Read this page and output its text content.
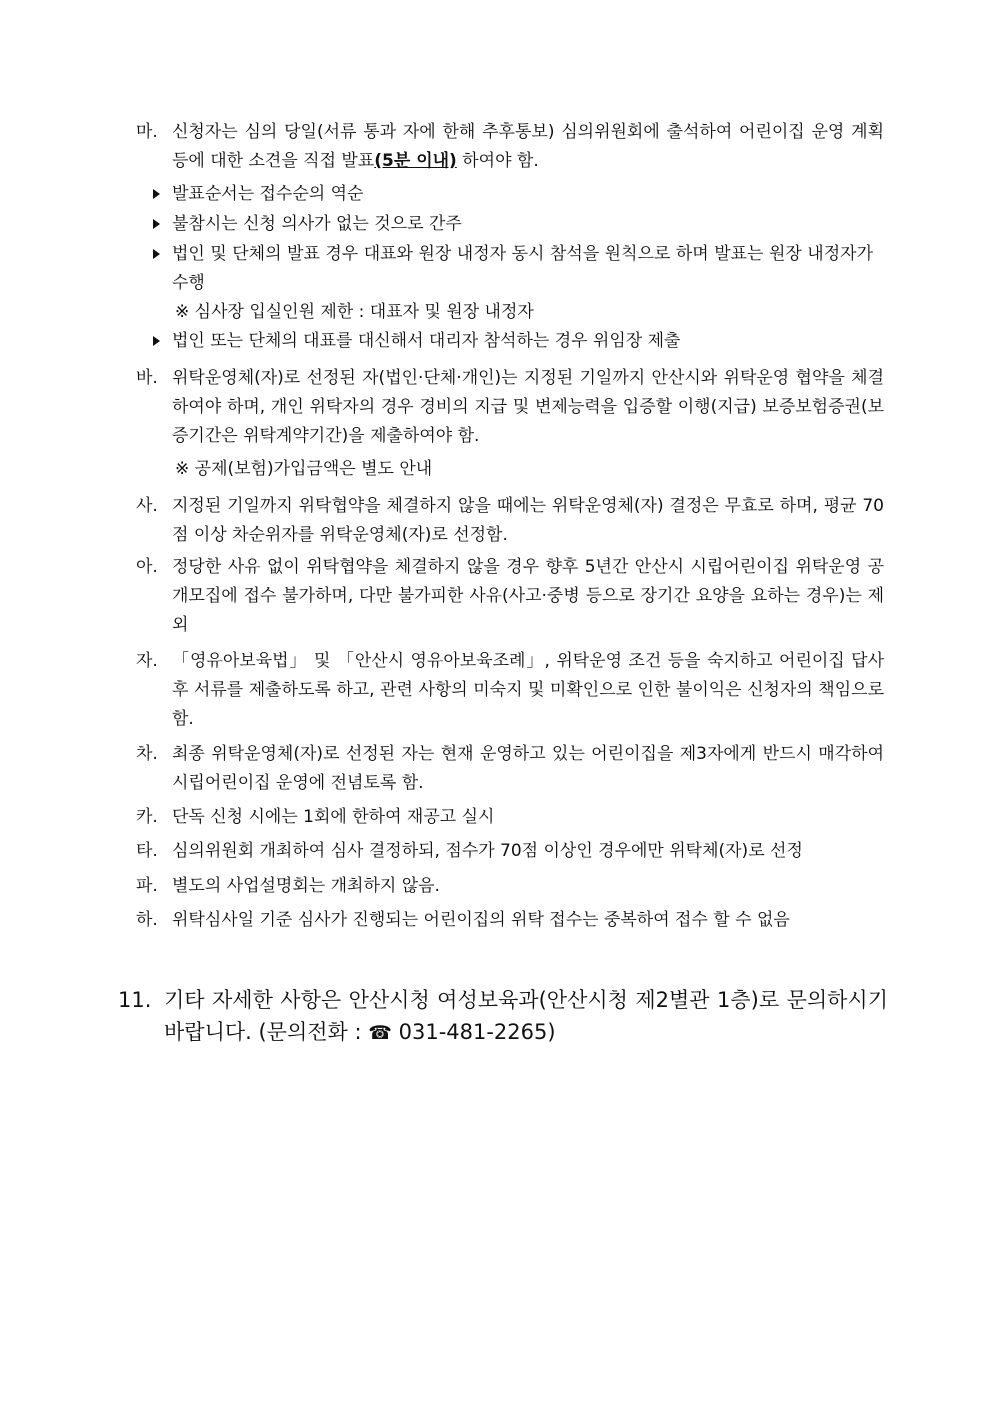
마. 신청자는 심의 당일(서류 통과 자에 한해 추후통보) 심의위원회에 출석하여 어린이집 운영 계획 등에 대한 소견을 직접 발표(5분 이내) 하여야 함.
발표순서는 접수순의 역순
불참시는 신청 의사가 없는 것으로 간주
법인 및 단체의 발표 경우 대표와 원장 내정자 동시 참석을 원칙으로 하며 발표는 원장 내정자가 수행
※ 심사장 입실인원 제한 : 대표자 및 원장 내정자
법인 또는 단체의 대표를 대신해서 대리자 참석하는 경우 위임장 제출
바. 위탁운영체(자)로 선정된 자(법인·단체·개인)는 지정된 기일까지 안산시와 위탁운영 협약을 체결하여야 하며, 개인 위탁자의 경우 경비의 지급 및 변제능력을 입증할 이행(지급) 보증보험증권(보증기간은 위탁계약기간)을 제출하여야 함.
※ 공제(보험)가입금액은 별도 안내
사. 지정된 기일까지 위탁협약을 체결하지 않을 때에는 위탁운영체(자) 결정은 무효로 하며, 평균 70점 이상 차순위자를 위탁운영체(자)로 선정함.
아. 정당한 사유 없이 위탁협약을 체결하지 않을 경우 향후 5년간 안산시 시립어린이집 위탁운영 공개모집에 접수 불가하며, 다만 불가피한 사유(사고·중병 등으로 장기간 요양을 요하는 경우)는 제외
자. 「영유아보육법」 및 「안산시 영유아보육조례」, 위탁운영 조건 등을 숙지하고 어린이집 답사 후 서류를 제출하도록 하고, 관련 사항의 미숙지 및 미확인으로 인한 불이익은 신청자의 책임으로 함.
차. 최종 위탁운영체(자)로 선정된 자는 현재 운영하고 있는 어린이집을 제3자에게 반드시 매각하여 시립어린이집 운영에 전념토록 함.
카. 단독 신청 시에는 1회에 한하여 재공고 실시
타. 심의위원회 개최하여 심사 결정하되, 점수가 70점 이상인 경우에만 위탁체(자)로 선정
파. 별도의 사업설명회는 개최하지 않음.
하. 위탁심사일 기준 심사가 진행되는 어린이집의 위탁 접수는 중복하여 접수 할 수 없음
11. 기타 자세한 사항은 안산시청 여성보육과(안산시청 제2별관 1층)로 문의하시기 바랍니다. (문의전화 : ☎ 031-481-2265)
